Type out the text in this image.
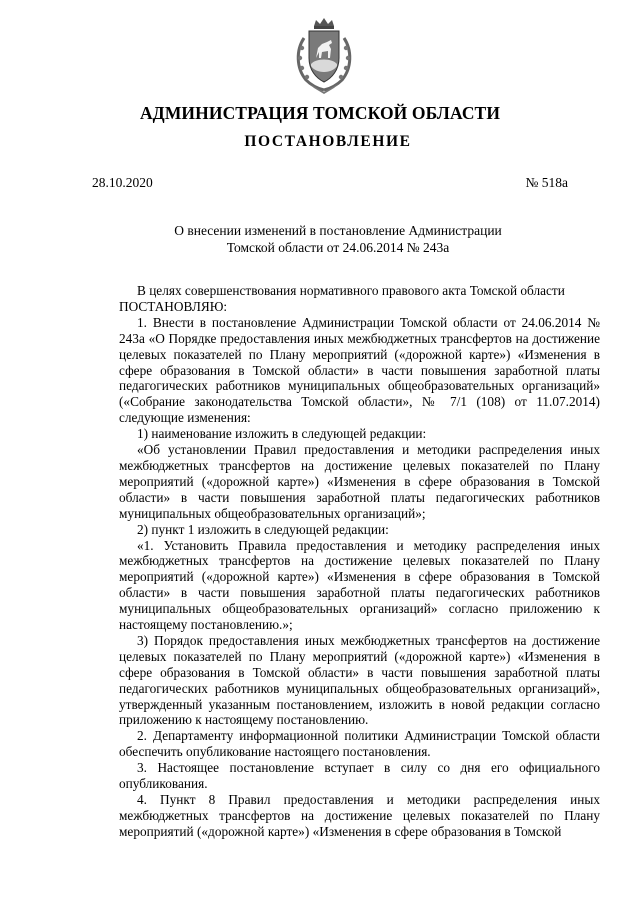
АДМИНИСТРАЦИЯ ТОМСКОЙ ОБЛАСТИ
ПОСТАНОВЛЕНИЕ
28.10.2020	№ 518а
О внесении изменений в постановление Администрации
Томской области от 24.06.2014 № 243а

В целях совершенствования нормативного правового акта Томской области

ПОСТАНОВЛЯЮ:

1. Внести в постановление Администрации Томской области от 24.06.2014 № 243а «О Порядке предоставления иных межбюджетных трансфертов на достижение целевых показателей по Плану мероприятий («дорожной карте») «Изменения в сфере образования в Томской области» в части повышения заработной платы педагогических работников муниципальных общеобразовательных организаций» («Собрание законодательства Томской области», № 7/1 (108) от 11.07.2014) следующие изменения:

1) наименование изложить в следующей редакции:

«Об установлении Правил предоставления и методики распределения иных межбюджетных трансфертов на достижение целевых показателей по Плану мероприятий («дорожной карте») «Изменения в сфере образования в Томской области» в части повышения заработной платы педагогических работников муниципальных общеобразовательных организаций»;

2) пункт 1 изложить в следующей редакции:

«1. Установить Правила предоставления и методику распределения иных межбюджетных трансфертов на достижение целевых показателей по Плану мероприятий («дорожной карте») «Изменения в сфере образования в Томской области» в части повышения заработной платы педагогических работников муниципальных общеобразовательных организаций» согласно приложению к настоящему постановлению.»;

3) Порядок предоставления иных межбюджетных трансфертов на достижение целевых показателей по Плану мероприятий («дорожной карте») «Изменения в сфере образования в Томской области» в части повышения заработной платы педагогических работников муниципальных общеобразовательных организаций», утвержденный указанным постановлением, изложить в новой редакции согласно приложению к настоящему постановлению.

2. Департаменту информационной политики Администрации Томской области обеспечить опубликование настоящего постановления.

3. Настоящее постановление вступает в силу со дня его официального опубликования.

4. Пункт 8 Правил предоставления и методики распределения иных межбюджетных трансфертов на достижение целевых показателей по Плану мероприятий («дорожной карте») «Изменения в сфере образования в Томской
